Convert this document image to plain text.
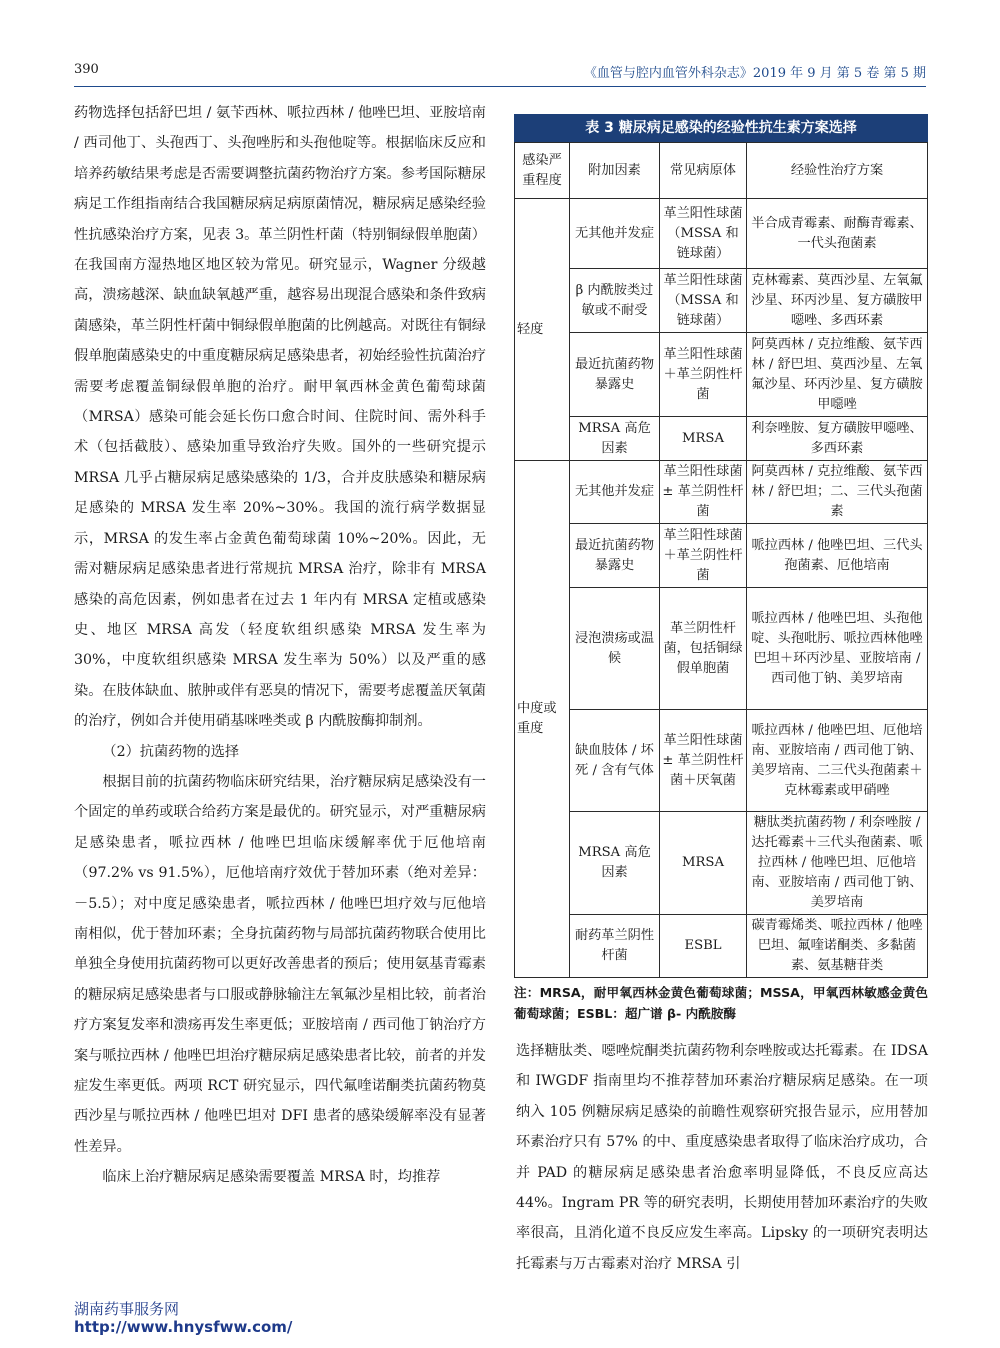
390	《血管与腔内血管外科杂志》2019 年 9 月 第 5 卷 第 5 期

药物选择包括舒巴坦 / 氨苄西林、哌拉西林 / 他唑巴坦、亚胺培南 / 西司他丁、头孢西丁、头孢唑肟和头孢他啶等。根据临床反应和培养药敏结果考虑是否需要调整抗菌药物治疗方案。参考国际糖尿病足工作组指南结合我国糖尿病足病原菌情况，糖尿病足感染经验性抗感染治疗方案，见表 3。革兰阴性杆菌（特别铜绿假单胞菌）在我国南方湿热地区地区较为常见。研究显示，Wagner 分级越高，溃疡越深、缺血缺氧越严重，越容易出现混合感染和条件致病菌感染，革兰阴性杆菌中铜绿假单胞菌的比例越高。对既往有铜绿假单胞菌感染史的中重度糖尿病足感染患者，初始经验性抗菌治疗需要考虑覆盖铜绿假单胞的治疗。耐甲氧西林金黄色葡萄球菌（MRSA）感染可能会延长伤口愈合时间、住院时间、需外科手术（包括截肢）、感染加重导致治疗失败。国外的一些研究提示 MRSA 几乎占糖尿病足感染感染的 1/3，合并皮肤感染和糖尿病足感染的 MRSA 发生率 20%~30%。我国的流行病学数据显示，MRSA 的发生率占金黄色葡萄球菌 10%~20%。因此，无需对糖尿病足感染患者进行常规抗 MRSA 治疗，除非有 MRSA 感染的高危因素，例如患者在过去 1 年内有 MRSA 定植或感染史、地区 MRSA 高发（轻度软组织感染 MRSA 发生率为 30%，中度软组织感染 MRSA 发生率为 50%）以及严重的感染。在肢体缺血、脓肿或伴有恶臭的情况下，需要考虑覆盖厌氧菌的治疗，例如合并使用硝基咪唑类或 β 内酰胺酶抑制剂。

（2）抗菌药物的选择

根据目前的抗菌药物临床研究结果，治疗糖尿病足感染没有一个固定的单药或联合给药方案是最优的。研究显示，对严重糖尿病足感染患者，哌拉西林 / 他唑巴坦临床缓解率优于厄他培南（97.2% vs 91.5%），厄他培南疗效优于替加环素（绝对差异：－5.5）；对中度足感染患者，哌拉西林 / 他唑巴坦疗效与厄他培南相似，优于替加环素；全身抗菌药物与局部抗菌药物联合使用比单独全身使用抗菌药物可以更好改善患者的预后；使用氨基青霉素的糖尿病足感染患者与口服或静脉输注左氧氟沙星相比较，前者治疗方案复发率和溃疡再发生率更低；亚胺培南 / 西司他丁钠治疗方案与哌拉西林 / 他唑巴坦治疗糖尿病足感染患者比较，前者的并发症发生率更低。两项 RCT 研究显示，四代氟喹诺酮类抗菌药物莫西沙星与哌拉西林 / 他唑巴坦对 DFI 患者的感染缓解率没有显著性差异。

临床上治疗糖尿病足感染需要覆盖 MRSA 时，均推荐

表 3 糖尿病足感染的经验性抗生素方案选择
感染严重程度	附加因素	常见病原体	经验性治疗方案
轻度	无其他并发症	革兰阳性球菌（MSSA 和链球菌）	半合成青霉素、耐酶青霉素、一代头孢菌素
	β 内酰胺类过敏或不耐受	革兰阳性球菌（MSSA 和链球菌）	克林霉素、莫西沙星、左氧氟沙星、环丙沙星、复方磺胺甲噁唑、多西环素
	最近抗菌药物暴露史	革兰阳性球菌＋革兰阴性杆菌	阿莫西林 / 克拉维酸、氨苄西林 / 舒巴坦、莫西沙星、左氧氟沙星、环丙沙星、复方磺胺甲噁唑
	MRSA 高危因素	MRSA	利奈唑胺、复方磺胺甲噁唑、多西环素
中度或重度	无其他并发症	革兰阳性球菌 ± 革兰阴性杆菌	阿莫西林 / 克拉维酸、氨苄西林 / 舒巴坦；二、三代头孢菌素
	最近抗菌药物暴露史	革兰阳性球菌＋革兰阴性杆菌	哌拉西林 / 他唑巴坦、三代头孢菌素、厄他培南
	浸泡溃疡或温候	革兰阴性杆菌，包括铜绿假单胞菌	哌拉西林 / 他唑巴坦、头孢他啶、头孢吡肟、哌拉西林他唑巴坦＋环丙沙星、亚胺培南 / 西司他丁钠、美罗培南
	缺血肢体 / 坏死 / 含有气体	革兰阳性球菌 ± 革兰阴性杆菌＋厌氧菌	哌拉西林 / 他唑巴坦、厄他培南、亚胺培南 / 西司他丁钠、美罗培南、二三代头孢菌素＋克林霉素或甲硝唑
	MRSA 高危因素	MRSA	糖肽类抗菌药物 / 利奈唑胺 / 达托霉素＋三代头孢菌素、哌拉西林 / 他唑巴坦、厄他培南、亚胺培南 / 西司他丁钠、美罗培南
	耐药革兰阴性杆菌	ESBL	碳青霉烯类、哌拉西林 / 他唑巴坦、氟喹诺酮类、多黏菌素、氨基糖苷类
注：MRSA，耐甲氧西林金黄色葡萄球菌；MSSA，甲氧西林敏感金黄色葡萄球菌；ESBL：超广谱 β- 内酰胺酶

选择糖肽类、噁唑烷酮类抗菌药物利奈唑胺或达托霉素。在 IDSA 和 IWGDF 指南里均不推荐替加环素治疗糖尿病足感染。在一项纳入 105 例糖尿病足感染的前瞻性观察研究报告显示，应用替加环素治疗只有 57% 的中、重度感染患者取得了临床治疗成功，合并 PAD 的糖尿病足感染患者治愈率明显降低，不良反应高达 44%。Ingram PR 等的研究表明，长期使用替加环素治疗的失败率很高，且消化道不良反应发生率高。Lipsky 的一项研究表明达托霉素与万古霉素对治疗 MRSA 引

湖南药事服务网
http://www.hnysfww.com/
